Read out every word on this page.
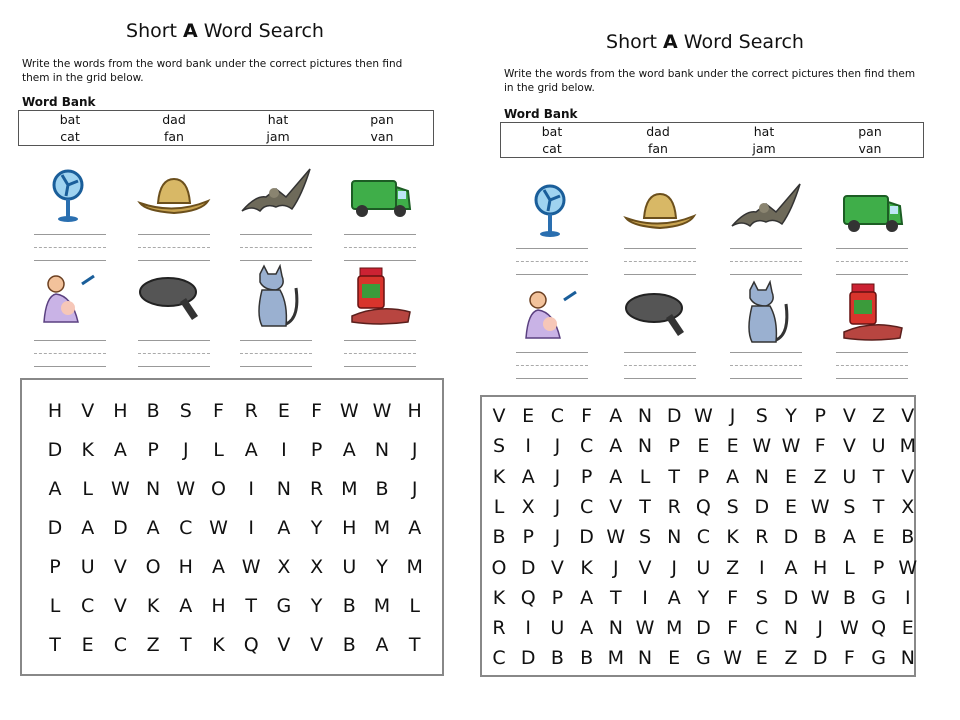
Short A Word Search
Write the words from the word bank under the correct pictures then find them in the grid below.
Word Bank
bat	dad	hat	pan
cat	fan	jam	van
H	V	H	B	S	F	R	E	F W W H
D	K	A	P	J	L	A	I	P	A	N	J
A	L W N W O	I	N R M B	J
D A D A	C W	I	A	Y	H M A
P	U	V O H	A W X	X	U	Y M
L	C	V	K	A	H	T	G	Y	B M	L
T	E	C	Z	T	K Q V	V	B	A	T
Short A Word Search
Write the words from the word bank under the correct pictures then find them in the grid below.
Word Bank
bat	dad	hat	pan
cat	fan	jam	van
V E C F A N D W J	S Y P V Z V
S	I	J	C A N P E E W W F V U M
K A	J	P A L T P A N E Z U T V
L X	J	C V T R Q S D E W S T X
B P	J	D W S N C K R D B A E B
O D V K	J	V	J	U Z	I	A H L P W
K Q P A T	I	A Y F S D W B G	I
R	I	U A N W M D F C N	J W Q E
C D B B M N E G W E Z D F G N
